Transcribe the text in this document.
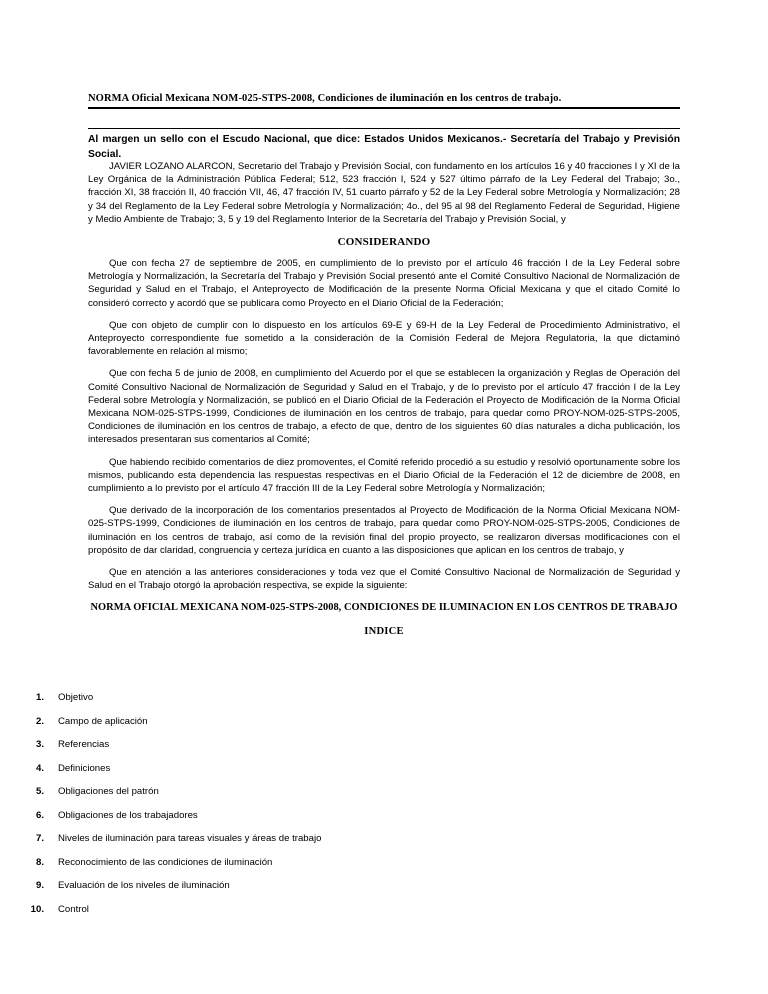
NORMA Oficial Mexicana NOM-025-STPS-2008, Condiciones de iluminación en los centros de trabajo.
Al margen un sello con el Escudo Nacional, que dice: Estados Unidos Mexicanos.- Secretaría del Trabajo y Previsión Social.

JAVIER LOZANO ALARCON, Secretario del Trabajo y Previsión Social, con fundamento en los artículos 16 y 40 fracciones I y XI de la Ley Orgánica de la Administración Pública Federal; 512, 523 fracción I, 524 y 527 último párrafo de la Ley Federal del Trabajo; 3o., fracción XI, 38 fracción II, 40 fracción VII, 46, 47 fracción IV, 51 cuarto párrafo y 52 de la Ley Federal sobre Metrología y Normalización; 28 y 34 del Reglamento de la Ley Federal sobre Metrología y Normalización; 4o., del 95 al 98 del Reglamento Federal de Seguridad, Higiene y Medio Ambiente de Trabajo; 3, 5 y 19 del Reglamento Interior de la Secretaría del Trabajo y Previsión Social, y

CONSIDERANDO

Que con fecha 27 de septiembre de 2005, en cumplimiento de lo previsto por el artículo 46 fracción I de la Ley Federal sobre Metrología y Normalización, la Secretaría del Trabajo y Previsión Social presentó ante el Comité Consultivo Nacional de Normalización de Seguridad y Salud en el Trabajo, el Anteproyecto de Modificación de la presente Norma Oficial Mexicana y que el citado Comité lo consideró correcto y acordó que se publicara como Proyecto en el Diario Oficial de la Federación;

Que con objeto de cumplir con lo dispuesto en los artículos 69-E y 69-H de la Ley Federal de Procedimiento Administrativo, el Anteproyecto correspondiente fue sometido a la consideración de la Comisión Federal de Mejora Regulatoria, la que dictaminó favorablemente en relación al mismo;

Que con fecha 5 de junio de 2008, en cumplimiento del Acuerdo por el que se establecen la organización y Reglas de Operación del Comité Consultivo Nacional de Normalización de Seguridad y Salud en el Trabajo, y de lo previsto por el artículo 47 fracción I de la Ley Federal sobre Metrología y Normalización, se publicó en el Diario Oficial de la Federación el Proyecto de Modificación de la Norma Oficial Mexicana NOM-025-STPS-1999, Condiciones de iluminación en los centros de trabajo, para quedar como PROY-NOM-025-STPS-2005, Condiciones de iluminación en los centros de trabajo, a efecto de que, dentro de los siguientes 60 días naturales a dicha publicación, los interesados presentaran sus comentarios al Comité;

Que habiendo recibido comentarios de diez promoventes, el Comité referido procedió a su estudio y resolvió oportunamente sobre los mismos, publicando esta dependencia las respuestas respectivas en el Diario Oficial de la Federación el 12 de diciembre de 2008, en cumplimiento a lo previsto por el artículo 47 fracción III de la Ley Federal sobre Metrología y Normalización;

Que derivado de la incorporación de los comentarios presentados al Proyecto de Modificación de la Norma Oficial Mexicana NOM-025-STPS-1999, Condiciones de iluminación en los centros de trabajo, para quedar como PROY-NOM-025-STPS-2005, Condiciones de iluminación en los centros de trabajo, así como de la revisión final del propio proyecto, se realizaron diversas modificaciones con el propósito de dar claridad, congruencia y certeza jurídica en cuanto a las disposiciones que aplican en los centros de trabajo, y

Que en atención a las anteriores consideraciones y toda vez que el Comité Consultivo Nacional de Normalización de Seguridad y Salud en el Trabajo otorgó la aprobación respectiva, se expide la siguiente:

NORMA OFICIAL MEXICANA NOM-025-STPS-2008, CONDICIONES DE ILUMINACION EN LOS CENTROS DE TRABAJO
INDICE
1. Objetivo
2. Campo de aplicación
3. Referencias
4. Definiciones
5. Obligaciones del patrón
6. Obligaciones de los trabajadores
7. Niveles de iluminación para tareas visuales y áreas de trabajo
8. Reconocimiento de las condiciones de iluminación
9. Evaluación de los niveles de iluminación
10. Control
